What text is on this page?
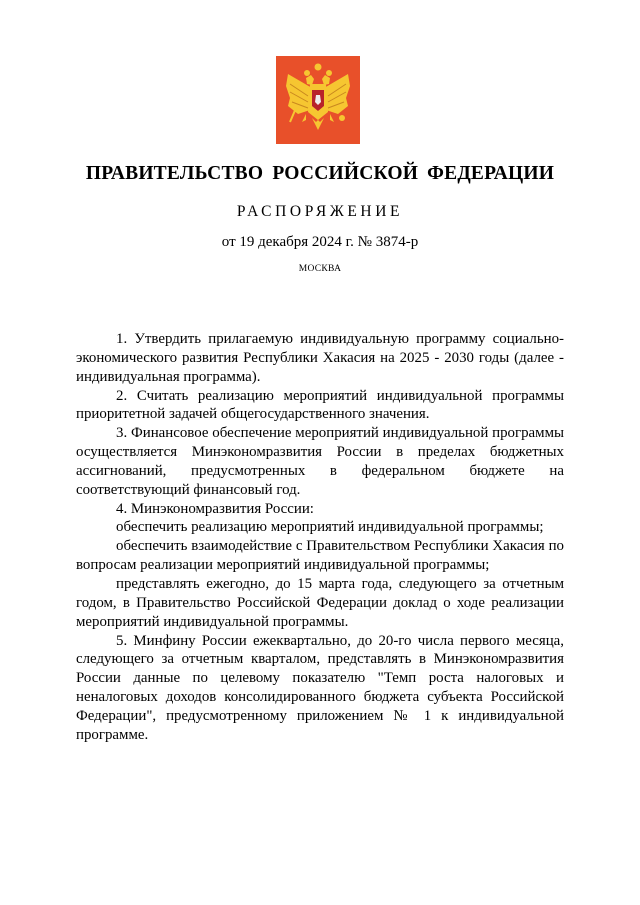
ПРАВИТЕЛЬСТВО РОССИЙСКОЙ ФЕДЕРАЦИИ
РАСПОРЯЖЕНИЕ
от 19 декабря 2024 г. № 3874-р
МОСКВА

1. Утвердить прилагаемую индивидуальную программу социально-экономического развития Республики Хакасия на 2025 - 2030 годы (далее - индивидуальная программа).

2. Считать реализацию мероприятий индивидуальной программы приоритетной задачей общегосударственного значения.

3. Финансовое обеспечение мероприятий индивидуальной программы осуществляется Минэкономразвития России в пределах бюджетных ассигнований, предусмотренных в федеральном бюджете на соответствующий финансовый год.

4. Минэкономразвития России:

обеспечить реализацию мероприятий индивидуальной программы;

обеспечить взаимодействие с Правительством Республики Хакасия по вопросам реализации мероприятий индивидуальной программы;

представлять ежегодно, до 15 марта года, следующего за отчетным годом, в Правительство Российской Федерации доклад о ходе реализации мероприятий индивидуальной программы.

5. Минфину России ежеквартально, до 20-го числа первого месяца, следующего за отчетным кварталом, представлять в Минэкономразвития России данные по целевому показателю "Темп роста налоговых и неналоговых доходов консолидированного бюджета субъекта Российской Федерации", предусмотренному приложением № 1 к индивидуальной программе.
